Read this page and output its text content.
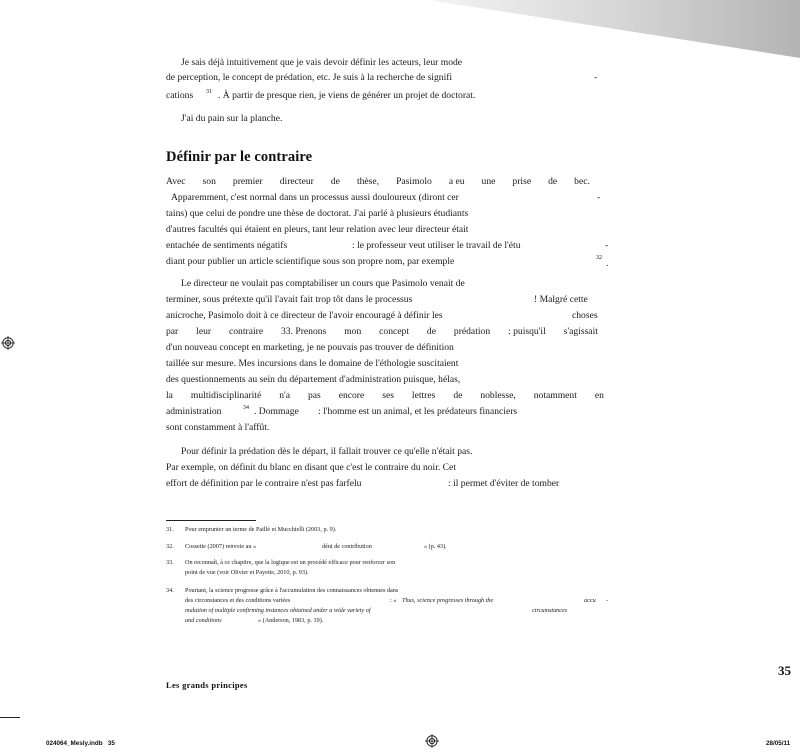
Je sais déjà intuitivement que je vais devoir définir les acteurs, leur mode
de perception, le concept de prédation, etc. Je suis à la recherche de signifi	-
cations 31 . À partir de presque rien, je viens de générer un projet de doctorat.
J'ai du pain sur la planche.
Définir par le contraire
Avec son premier directeur de thèse, Pasimolo a eu une prise de bec.
Apparemment, c'est normal dans un processus aussi douloureux (diront cer	-
tains) que celui de pondre une thèse de doctorat. J'ai parlé à plusieurs étudiants
d'autres facultés qui étaient en pleurs, tant leur relation avec leur directeur était
entachée de sentiments négatifs	: le professeur veut utiliser le travail de l'étu	-
diant pour publier un article scientifique sous son propre nom, par exemple	32 .
Le directeur ne voulait pas comptabiliser un cours que Pasimolo venait de
terminer, sous prétexte qu'il l'avait fait trop tôt dans le processus	! Malgré cette
anicroche, Pasimolo doit à ce directeur de l'avoir encouragé à définir les	choses
par leur contraire 33. Prenons mon concept de prédation : puisqu'il s'agissait
d'un nouveau concept en marketing, je ne pouvais pas trouver de définition
taillée sur mesure. Mes incursions dans le domaine de l'éthologie suscitaient
des questionnements au sein du département d'administration puisque, hélas,
la multidisciplinarité n'a pas encore ses lettres de noblesse, notamment en
administration	34 . Dommage : l'homme est un animal, et les prédateurs financiers
sont constamment à l'affût.
Pour définir la prédation dès le départ, il fallait trouver ce qu'elle n'était pas.
Par exemple, on définit du blanc en disant que c'est le contraire du noir. Cet
effort de définition par le contraire n'est pas farfelu	: il permet d'éviter de tomber
31. Pour emprunter un terme de Paillé et Mucchielli (2003, p. 9).
32. Cossette (2007) renvoie au «	déni de contribution	» (p. 43).
33. On reconnaît, à ce chapitre, que la logique est un procédé efficace pour renforcer son
point de vue (voir Olivier et Payette, 2010, p. 93).
34. Pourtant, la science progresse grâce à l'accumulation des connaissances obtenues dans
des circonstances et des conditions variées	: « Thus, science progresses through the	accu -
mulation of multiple confirming instances obtained under a wide variety of	circumstances
and conditions	» (Anderson, 1983, p. 19).
35
Les grands principes
024064_Mesly.indb   35	28/05/11
